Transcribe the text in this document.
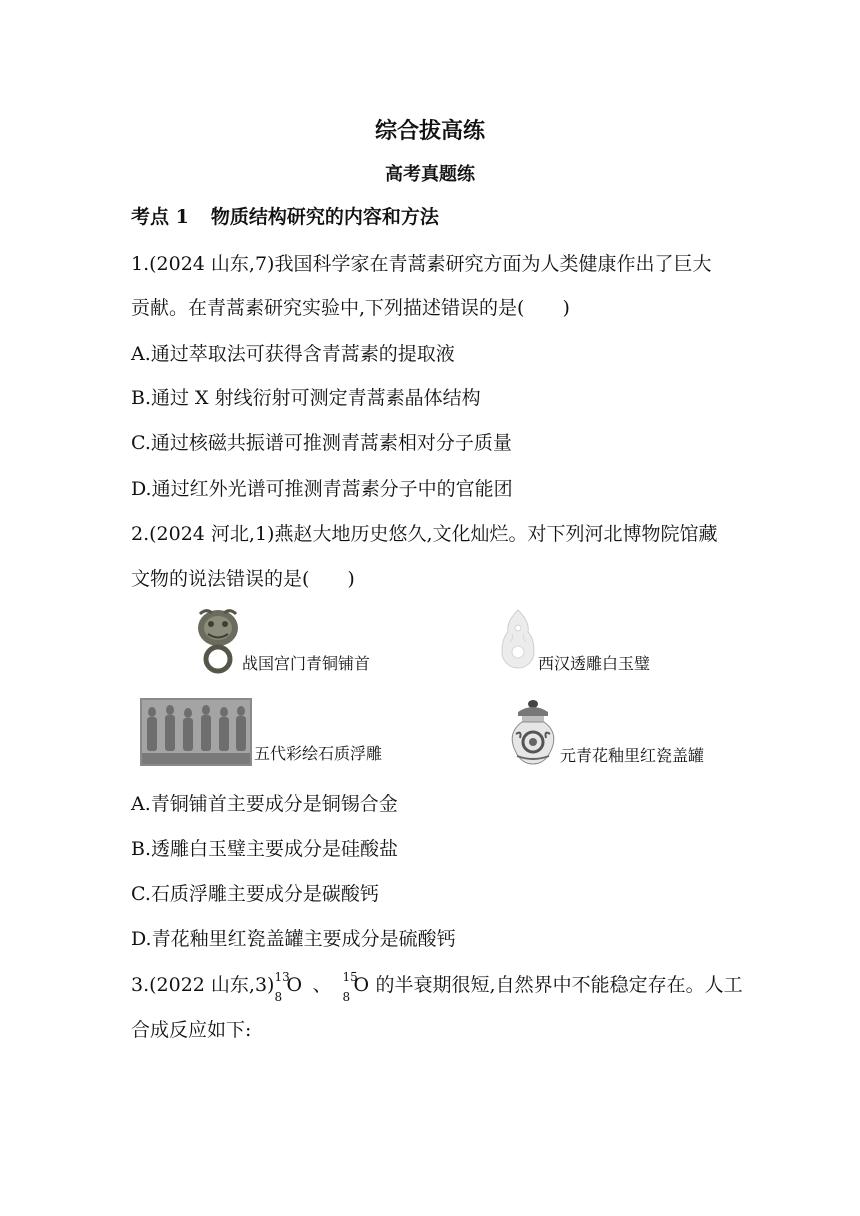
综合拔高练
高考真题练
考点 1 物质结构研究的内容和方法
1.(2024 山东,7)我国科学家在青蒿素研究方面为人类健康作出了巨大
贡献。在青蒿素研究实验中,下列描述错误的是(　　)
A.通过萃取法可获得含青蒿素的提取液
B.通过 X 射线衍射可测定青蒿素晶体结构
C.通过核磁共振谱可推测青蒿素相对分子质量
D.通过红外光谱可推测青蒿素分子中的官能团
2.(2024 河北,1)燕赵大地历史悠久,文化灿烂。对下列河北博物院馆藏
文物的说法错误的是(　　)
战国宫门青铜铺首	西汉透雕白玉璧
五代彩绘石质浮雕	元青花釉里红瓷盖罐
A.青铜铺首主要成分是铜锡合金
B.透雕白玉璧主要成分是硅酸盐
C.石质浮雕主要成分是碳酸钙
D.青花釉里红瓷盖罐主要成分是硫酸钙
3.(2022 山东,3) 13
8
O 、 15
8
O 的半衰期很短,自然界中不能稳定存在。人工
合成反应如下:
